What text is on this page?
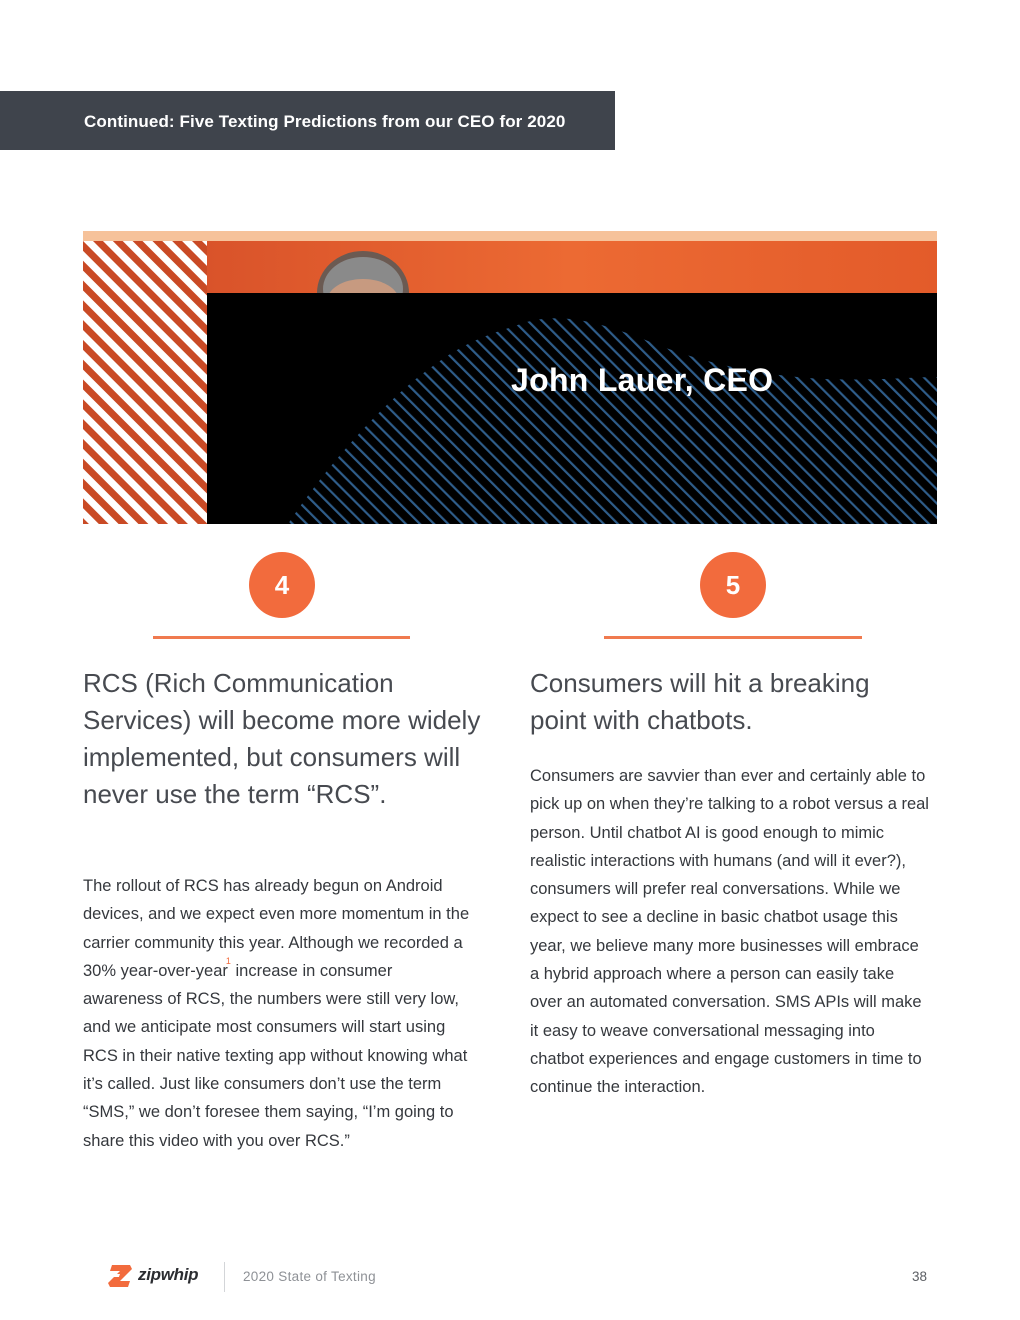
Continued: Five Texting Predictions from our CEO for 2020
John Lauer, CEO
4
RCS (Rich Communication Services) will become more widely implemented, but consumers will never use the term “RCS”.

The rollout of RCS has already begun on Android devices, and we expect even more momentum in the carrier community this year. Although we recorded a 30% year-over-year$^1$ increase in consumer awareness of RCS, the numbers were still very low, and we anticipate most consumers will start using RCS in their native texting app without knowing what it’s called. Just like consumers don’t use the term “SMS,” we don’t foresee them saying, “I’m going to share this video with you over RCS.”

5
Consumers will hit a breaking point with chatbots.
Consumers are savvier than ever and certainly able to pick up on when they’re talking to a robot versus a real person. Until chatbot AI is good enough to mimic realistic interactions with humans (and will it ever?), consumers will prefer real conversations. While we expect to see a decline in basic chatbot usage this year, we believe many more businesses will embrace a hybrid approach where a person can easily take over an automated conversation. SMS APIs will make it easy to weave conversational messaging into chatbot experiences and engage customers in time to continue the interaction.
zipwhip	2020 State of Texting	38
